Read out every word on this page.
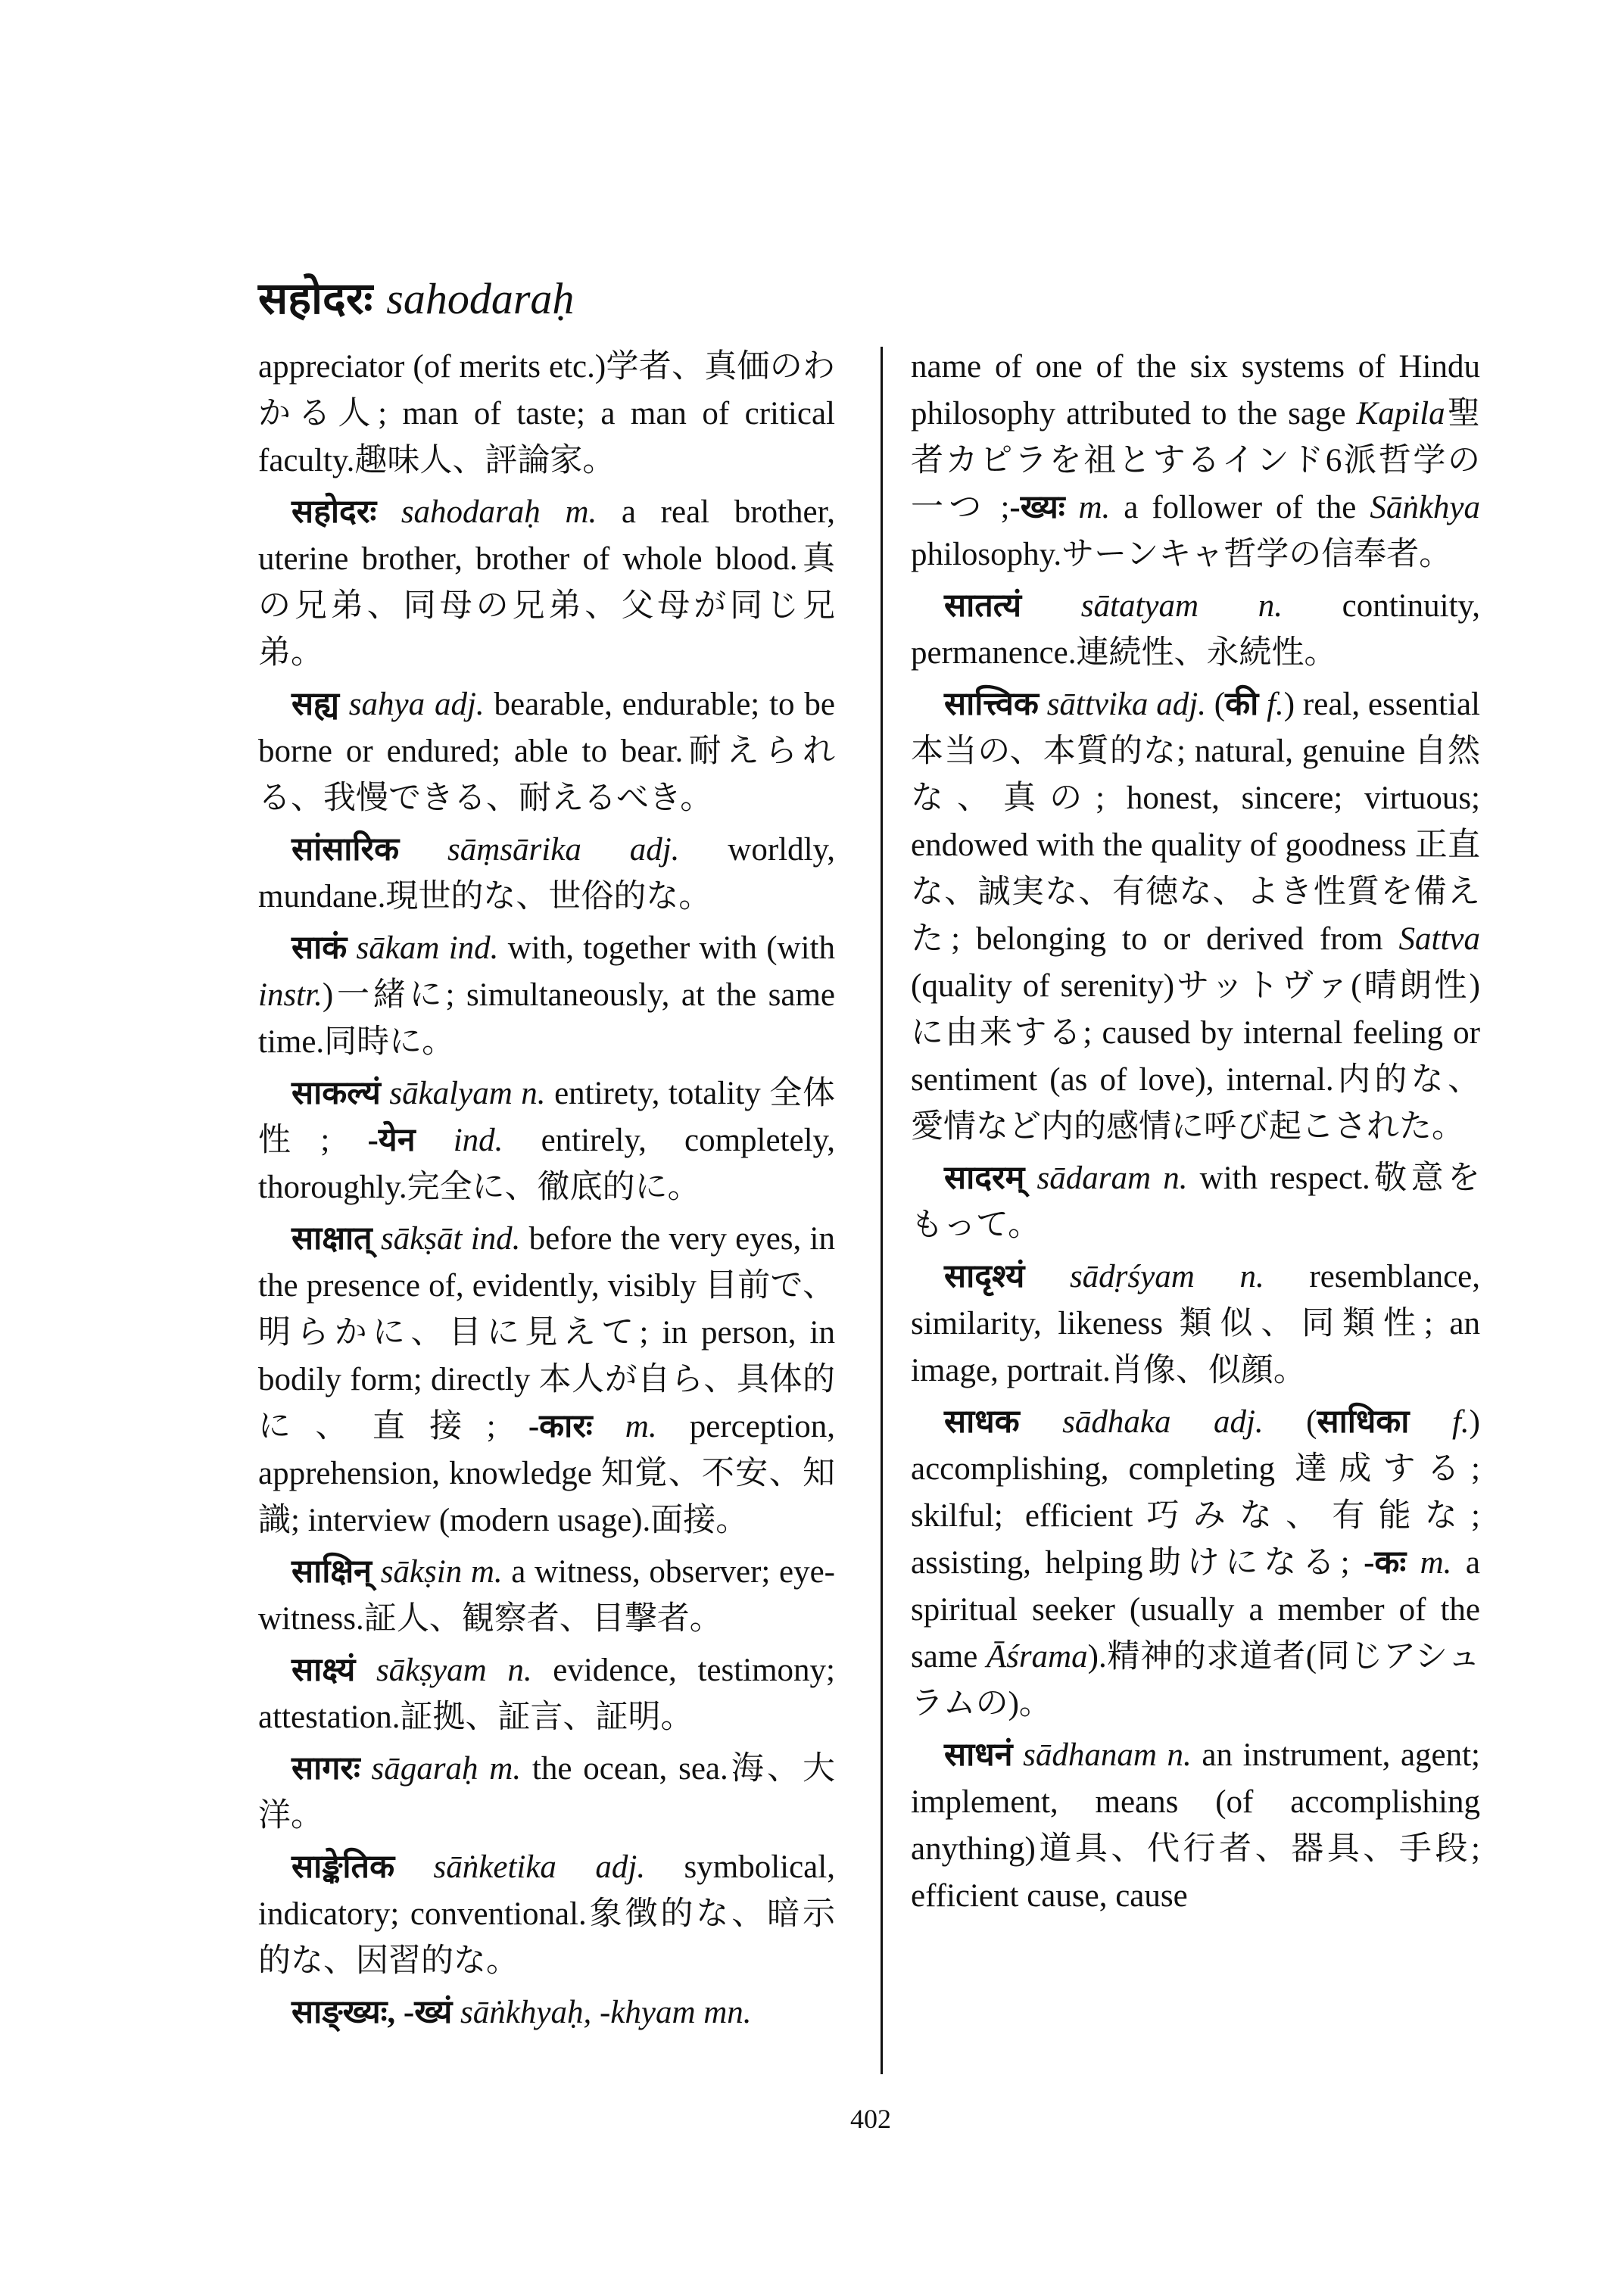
सहोदरः sahodaraḥ

appreciator (of merits etc.)学者、真価のわかる人; man of taste; a man of critical faculty.趣味人、評論家。

सहोदरः sahodaraḥ m. a real brother, uterine brother, brother of whole blood.真の兄弟、同母の兄弟、父母が同じ兄弟。

सह्य sahya adj. bearable, endurable; to be borne or endured; able to bear.耐えられる、我慢できる、耐えるべき。

सांसारिक sāṃsārika adj. worldly, mundane.現世的な、世俗的な。

साकं sākam ind. with, together with (with instr.)一緒に; simultaneously, at the same time.同時に。

साकल्यं sākalyam n. entirety, totality 全体性; -येन ind. entirely, completely, thoroughly.完全に、徹底的に。

साक्षात् sākṣāt ind. before the very eyes, in the presence of, evidently, visibly 目前で、明らかに、目に見えて; in person, in bodily form; directly 本人が自ら、具体的に、直接; -कारः m. perception, apprehension, knowledge 知覚、不安、知識; interview (modern usage).面接。

साक्षिन् sākṣin m. a witness, observer; eye-witness.証人、観察者、目撃者。

साक्ष्यं sākṣyam n. evidence, testimony; attestation.証拠、証言、証明。

सागरः sāgaraḥ m. the ocean, sea.海、大洋。

साङ्केतिक sāṅketika adj. symbolical, indicatory; conventional.象徴的な、暗示的な、因習的な。

साङ्ख्यः, -ख्यं sāṅkhyaḥ, -khyam mn.

name of one of the six systems of Hindu philosophy attributed to the sage Kapila聖者カピラを祖とするインド6派哲学の一つ ;-ख्यः m. a follower of the Sāṅkhya philosophy.サーンキャ哲学の信奉者。

सातत्यं sātatyam n. continuity, permanence.連続性、永続性。

सात्त्विक sāttvika adj. (की f.) real, essential 本当の、本質的な; natural, genuine 自然な、真の; honest, sincere; virtuous; endowed with the quality of goodness 正直な、誠実な、有徳な、よき性質を備えた; belonging to or derived from Sattva (quality of serenity)サットヴァ(晴朗性)に由来する; caused by internal feeling or sentiment (as of love), internal.内的な、愛情など内的感情に呼び起こされた。

सादरम् sādaram n. with respect.敬意をもって。

सादृश्यं sādṛśyam n. resemblance, similarity, likeness 類似、同類性; an image, portrait.肖像、似顔。

साधक sādhaka adj. (साधिका f.) accomplishing, completing 達成する; skilful; efficient巧みな、有能な; assisting, helping助けになる; -कः m. a spiritual seeker (usually a member of the same Āśrama).精神的求道者(同じアシュラムの)。

साधनं sādhanam n. an instrument, agent; implement, means (of accomplishing anything)道具、代行者、器具、手段; efficient cause, cause

402
